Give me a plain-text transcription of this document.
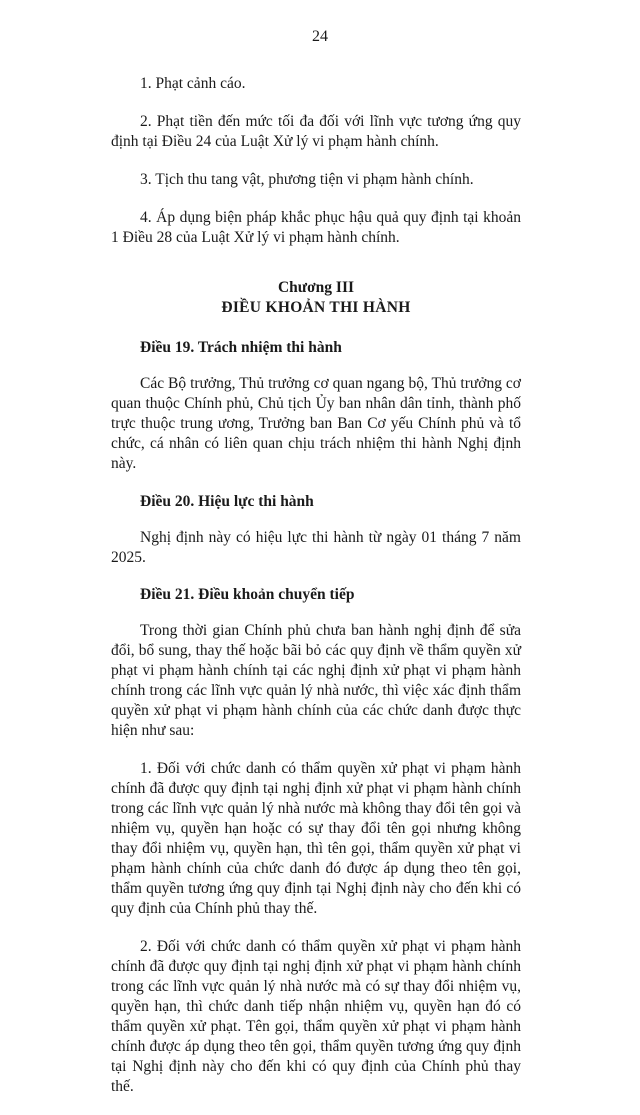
24

1. Phạt cảnh cáo.

2. Phạt tiền đến mức tối đa đối với lĩnh vực tương ứng quy định tại Điều 24 của Luật Xử lý vi phạm hành chính.

3. Tịch thu tang vật, phương tiện vi phạm hành chính.

4. Áp dụng biện pháp khắc phục hậu quả quy định tại khoản 1 Điều 28 của Luật Xử lý vi phạm hành chính.

Chương III
ĐIỀU KHOẢN THI HÀNH
Điều 19. Trách nhiệm thi hành

Các Bộ trưởng, Thủ trưởng cơ quan ngang bộ, Thủ trưởng cơ quan thuộc Chính phủ, Chủ tịch Ủy ban nhân dân tỉnh, thành phố trực thuộc trung ương, Trưởng ban Ban Cơ yếu Chính phủ và tổ chức, cá nhân có liên quan chịu trách nhiệm thi hành Nghị định này.

Điều 20. Hiệu lực thi hành

Nghị định này có hiệu lực thi hành từ ngày 01 tháng 7 năm 2025.

Điều 21. Điều khoản chuyển tiếp

Trong thời gian Chính phủ chưa ban hành nghị định để sửa đổi, bổ sung, thay thế hoặc bãi bỏ các quy định về thẩm quyền xử phạt vi phạm hành chính tại các nghị định xử phạt vi phạm hành chính trong các lĩnh vực quản lý nhà nước, thì việc xác định thẩm quyền xử phạt vi phạm hành chính của các chức danh được thực hiện như sau:

1. Đối với chức danh có thẩm quyền xử phạt vi phạm hành chính đã được quy định tại nghị định xử phạt vi phạm hành chính trong các lĩnh vực quản lý nhà nước mà không thay đổi tên gọi và nhiệm vụ, quyền hạn hoặc có sự thay đổi tên gọi nhưng không thay đổi nhiệm vụ, quyền hạn, thì tên gọi, thẩm quyền xử phạt vi phạm hành chính của chức danh đó được áp dụng theo tên gọi, thẩm quyền tương ứng quy định tại Nghị định này cho đến khi có quy định của Chính phủ thay thế.

2. Đối với chức danh có thẩm quyền xử phạt vi phạm hành chính đã được quy định tại nghị định xử phạt vi phạm hành chính trong các lĩnh vực quản lý nhà nước mà có sự thay đổi nhiệm vụ, quyền hạn, thì chức danh tiếp nhận nhiệm vụ, quyền hạn đó có thẩm quyền xử phạt. Tên gọi, thẩm quyền xử phạt vi phạm hành chính được áp dụng theo tên gọi, thẩm quyền tương ứng quy định tại Nghị định này cho đến khi có quy định của Chính phủ thay thế.
